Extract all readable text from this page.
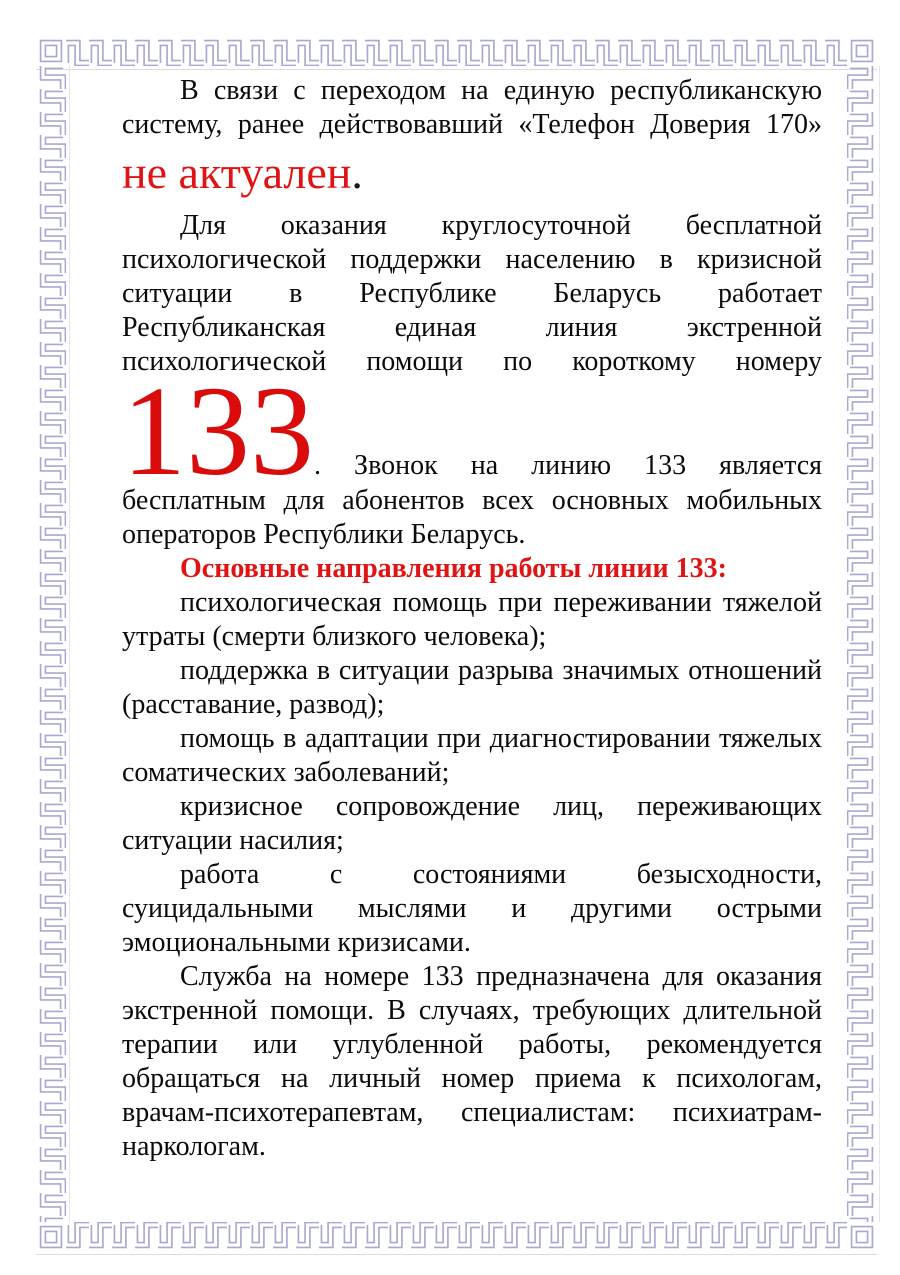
В связи с переходом на единую республиканскую
систему, ранее действовавший «Телефон Доверия 170»
не актуален.
Для оказания круглосуточной бесплатной
психологической поддержки населению в кризисной
ситуации в Республике Беларусь работает
Республиканская единая линия экстренной
психологической помощи по короткому номеру
133. Звонок на линию 133 является
бесплатным для абонентов всех основных мобильных
операторов Республики Беларусь.
Основные направления работы линии 133:
психологическая помощь при переживании тяжелой
утраты (смерти близкого человека);
поддержка в ситуации разрыва значимых отношений
(расставание, развод);
помощь в адаптации при диагностировании тяжелых
соматических заболеваний;
кризисное сопровождение лиц, переживающих
ситуации насилия;
работа с состояниями безысходности,
суицидальными мыслями и другими острыми
эмоциональными кризисами.
Служба на номере 133 предназначена для оказания
экстренной помощи. В случаях, требующих длительной
терапии или углубленной работы, рекомендуется
обращаться на личный номер приема к психологам,
врачам-психотерапевтам, специалистам: психиатрам-
наркологам.
